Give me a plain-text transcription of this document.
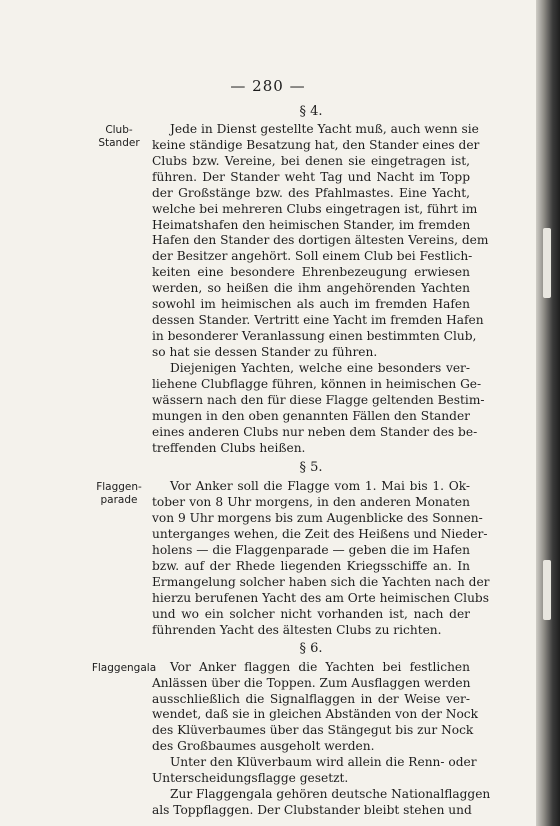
— 280 —
§ 4.
Club-
Stander
Jede in Dienst gestellte Yacht muß, auch wenn sie
keine ständige Besatzung hat, den Stander eines der
Clubs bzw. Vereine, bei denen sie eingetragen ist,
führen. Der Stander weht Tag und Nacht im Topp
der Großstänge bzw. des Pfahlmastes. Eine Yacht,
welche bei mehreren Clubs eingetragen ist, führt im
Heimatshafen den heimischen Stander, im fremden
Hafen den Stander des dortigen ältesten Vereins, dem
der Besitzer angehört. Soll einem Club bei Festlich-
keiten eine besondere Ehrenbezeugung erwiesen
werden, so heißen die ihm angehörenden Yachten
sowohl im heimischen als auch im fremden Hafen
dessen Stander. Vertritt eine Yacht im fremden Hafen
in besonderer Veranlassung einen bestimmten Club,
so hat sie dessen Stander zu führen.
Diejenigen Yachten, welche eine besonders ver-
liehene Clubflagge führen, können in heimischen Ge-
wässern nach den für diese Flagge geltenden Bestim-
mungen in den oben genannten Fällen den Stander
eines anderen Clubs nur neben dem Stander des be-
treffenden Clubs heißen.
§ 5.
Flaggen-
parade
Vor Anker soll die Flagge vom 1. Mai bis 1. Ok-
tober von 8 Uhr morgens, in den anderen Monaten
von 9 Uhr morgens bis zum Augenblicke des Sonnen-
unterganges wehen, die Zeit des Heißens und Nieder-
holens — die Flaggenparade — geben die im Hafen
bzw. auf der Rhede liegenden Kriegsschiffe an. In
Ermangelung solcher haben sich die Yachten nach der
hierzu berufenen Yacht des am Orte heimischen Clubs
und wo ein solcher nicht vorhanden ist, nach der
führenden Yacht des ältesten Clubs zu richten.
§ 6.
Flaggengala	Vor Anker flaggen die Yachten bei festlichen
Anlässen über die Toppen. Zum Ausflaggen werden
ausschließlich die Signalflaggen in der Weise ver-
wendet, daß sie in gleichen Abständen von der Nock
des Klüverbaumes über das Stängegut bis zur Nock
des Großbaumes ausgeholt werden.
Unter den Klüverbaum wird allein die Renn- oder
Unterscheidungsflagge gesetzt.
Zur Flaggengala gehören deutsche Nationalflaggen
als Toppflaggen. Der Clubstander bleibt stehen und
